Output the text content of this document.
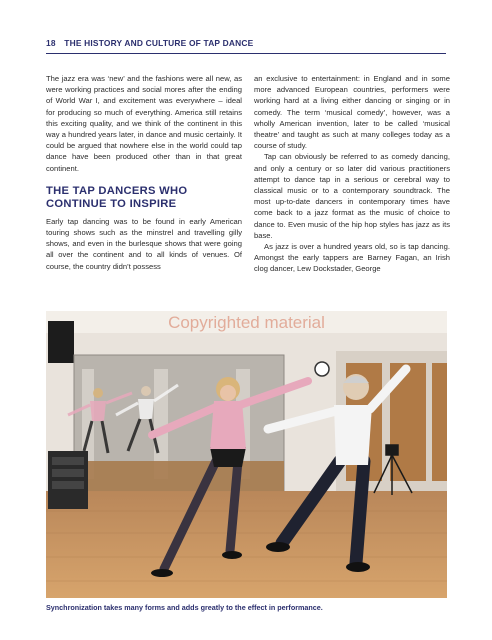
18 THE HISTORY AND CULTURE OF TAP DANCE

The jazz era was ‘new’ and the fashions were all new, as were working practices and social mores after the ending of World War I, and excitement was everywhere – ideal for producing so much of everything. America still retains this exciting quality, and we think of the continent in this way a hundred years later, in dance and music certainly. It could be argued that nowhere else in the world could tap dance have been produced other than in that great continent.

THE TAP DANCERS WHO CONTINUE TO INSPIRE

Early tap dancing was to be found in early American touring shows such as the minstrel and travelling gilly shows, and even in the burlesque shows that were going all over the continent and to all kinds of venues. Of course, the country didn’t possess

an exclusive to entertainment: in England and in some more advanced European countries, performers were working hard at a living either dancing or singing or in comedy. The term ‘musical comedy’, however, was a wholly American invention, later to be called ‘musical theatre’ and taught as such at many colleges today as a course of study.

Tap can obviously be referred to as comedy dancing, and only a century or so later did various practitioners attempt to dance tap in a serious or cerebral way to classical music or to a contemporary soundtrack. The most up-to-date dancers in contemporary times have come back to a jazz format as the music of choice to dance to. Even music of the hip hop styles has jazz as its base.

As jazz is over a hundred years old, so is tap dancing. Amongst the early tappers are Barney Fagan, an Irish clog dancer, Lew Dockstader, George

Copyrighted material
Synchronization takes many forms and adds greatly to the effect in performance.
